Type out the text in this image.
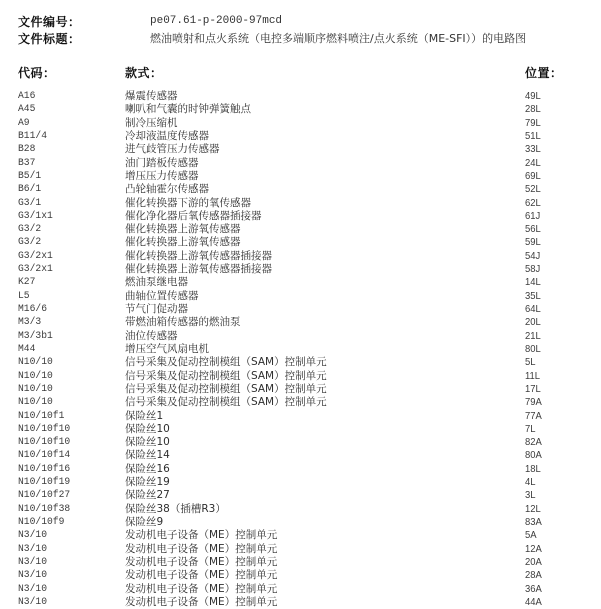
文件编号：	pe07.61-p-2000-97mcd
文件标题：	燃油喷射和点火系统（电控多端顺序燃料喷注/点火系统（ME-SFI））的电路图
代码：	款式：	位置：
A16	爆震传感器	49L
A45	喇叭和气囊的时钟弹簧触点	28L
A9	制冷压缩机	79L
B11/4	冷却液温度传感器	51L
B28	进气歧管压力传感器	33L
B37	油门踏板传感器	24L
B5/1	增压压力传感器	69L
B6/1	凸轮轴霍尔传感器	52L
G3/1	催化转换器下游的氧传感器	62L
G3/1x1	催化净化器后氧传感器插接器	61J
G3/2	催化转换器上游氧传感器	56L
G3/2	催化转换器上游氧传感器	59L
G3/2x1	催化转换器上游氧传感器插接器	54J
G3/2x1	催化转换器上游氧传感器插接器	58J
K27	燃油泵继电器	14L
L5	曲轴位置传感器	35L
M16/6	节气门促动器	64L
M3/3	带燃油箱传感器的燃油泵	20L
M3/3b1	油位传感器	21L
M44	增压空气风扇电机	80L
N10/10	信号采集及促动控制模组（SAM）控制单元	5L
N10/10	信号采集及促动控制模组（SAM）控制单元	11L
N10/10	信号采集及促动控制模组（SAM）控制单元	17L
N10/10	信号采集及促动控制模组（SAM）控制单元	79A
N10/10f1	保险丝1	77A
N10/10f10	保险丝10	7L
N10/10f10	保险丝10	82A
N10/10f14	保险丝14	80A
N10/10f16	保险丝16	18L
N10/10f19	保险丝19	4L
N10/10f27	保险丝27	3L
N10/10f38	保险丝38（插槽R3）	12L
N10/10f9	保险丝9	83A
N3/10	发动机电子设备（ME）控制单元	5A
N3/10	发动机电子设备（ME）控制单元	12A
N3/10	发动机电子设备（ME）控制单元	20A
N3/10	发动机电子设备（ME）控制单元	28A
N3/10	发动机电子设备（ME）控制单元	36A
N3/10	发动机电子设备（ME）控制单元	44A
